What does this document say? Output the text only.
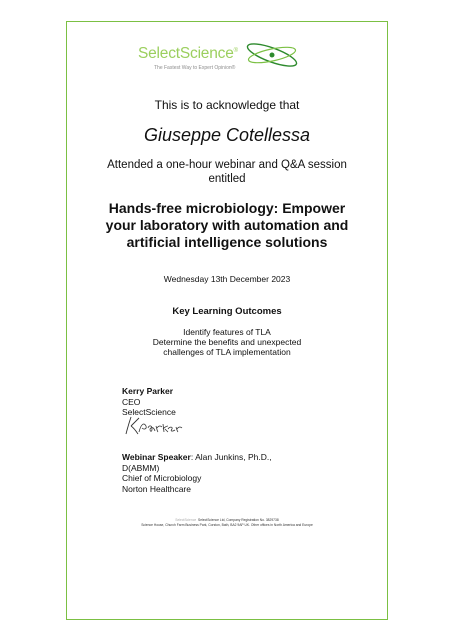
SelectScience®
The Fastest Way to Expert Opinion®
This is to acknowledge that
Giuseppe Cotellessa
Attended a one-hour webinar and Q&A session
entitled
Hands-free microbiology: Empower
your laboratory with automation and
artificial intelligence solutions
Wednesday 13th December 2023
Key Learning Outcomes
Identify features of TLA
Determine the benefits and unexpected
challenges of TLA implementation
Kerry Parker
CEO
SelectScience
Webinar Speaker: Alan Junkins, Ph.D.,
D(ABMM)
Chief of Microbiology
Norton Healthcare
SelectScience SelectScience Ltd, Company Registration No. 3829738
Science House, Church Farm Business Park, Corston, Bath, BA2 9AP UK. Other offices in North America and Europe
